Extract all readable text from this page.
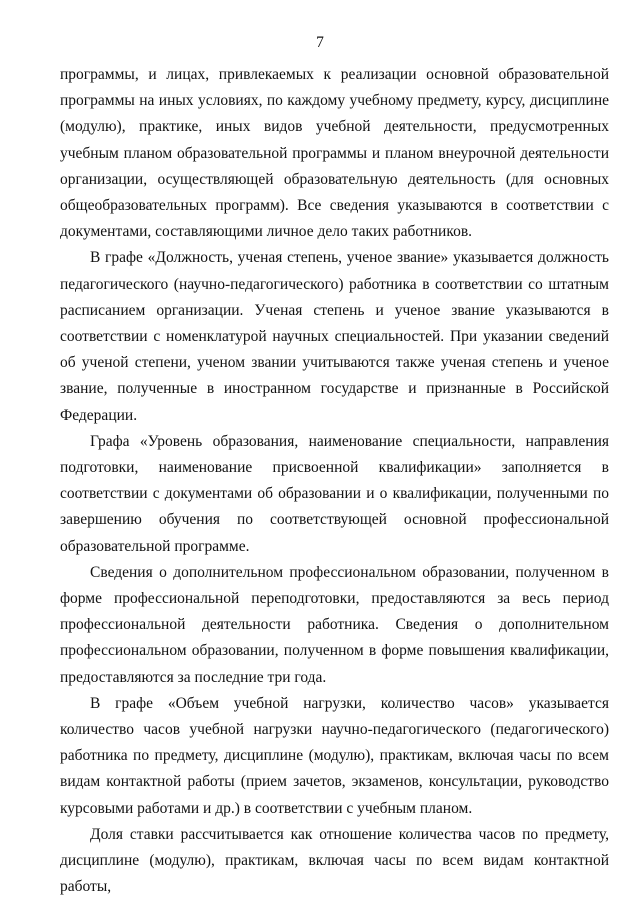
7

программы, и лицах, привлекаемых к реализации основной образовательной программы на иных условиях, по каждому учебному предмету, курсу, дисциплине (модулю), практике, иных видов учебной деятельности, предусмотренных учебным планом образовательной программы и планом внеурочной деятельности организации, осуществляющей образовательную деятельность (для основных общеобразовательных программ). Все сведения указываются в соответствии с документами, составляющими личное дело таких работников.

В графе «Должность, ученая степень, ученое звание» указывается должность педагогического (научно-педагогического) работника в соответствии со штатным расписанием организации. Ученая степень и ученое звание указываются в соответствии с номенклатурой научных специальностей. При указании сведений об ученой степени, ученом звании учитываются также ученая степень и ученое звание, полученные в иностранном государстве и признанные в Российской Федерации.

Графа «Уровень образования, наименование специальности, направления подготовки, наименование присвоенной квалификации» заполняется в соответствии с документами об образовании и о квалификации, полученными по завершению обучения по соответствующей основной профессиональной образовательной программе.

Сведения о дополнительном профессиональном образовании, полученном в форме профессиональной переподготовки, предоставляются за весь период профессиональной деятельности работника. Сведения о дополнительном профессиональном образовании, полученном в форме повышения квалификации, предоставляются за последние три года.

В графе «Объем учебной нагрузки, количество часов» указывается количество часов учебной нагрузки научно-педагогического (педагогического) работника по предмету, дисциплине (модулю), практикам, включая часы по всем видам контактной работы (прием зачетов, экзаменов, консультации, руководство курсовыми работами и др.) в соответствии с учебным планом.

Доля ставки рассчитывается как отношение количества часов по предмету, дисциплине (модулю), практикам, включая часы по всем видам контактной работы,
